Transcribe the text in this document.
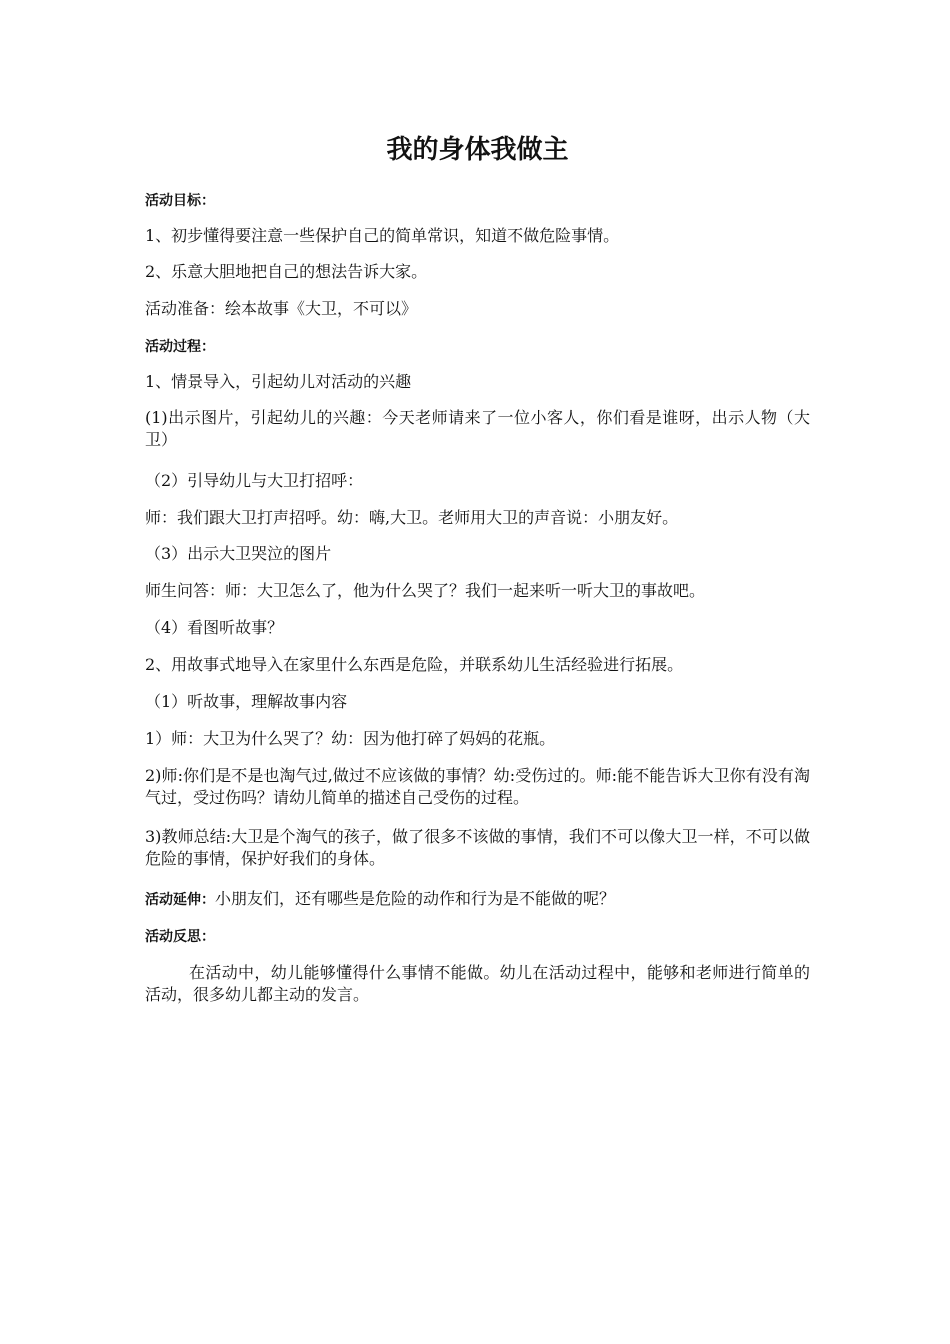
我的身体我做主

活动目标：

1、初步懂得要注意一些保护自己的简单常识，知道不做危险事情。

2、乐意大胆地把自己的想法告诉大家。

活动准备：绘本故事《大卫，不可以》

活动过程：

1、情景导入，引起幼儿对活动的兴趣

(1)出示图片，引起幼儿的兴趣：今天老师请来了一位小客人，你们看是谁呀，出示人物（大卫）

（2）引导幼儿与大卫打招呼：

师：我们跟大卫打声招呼。幼：嗨,大卫。老师用大卫的声音说：小朋友好。

（3）出示大卫哭泣的图片

师生问答：师：大卫怎么了，他为什么哭了？我们一起来听一听大卫的事故吧。

（4）看图听故事？

2、用故事式地导入在家里什么东西是危险，并联系幼儿生活经验进行拓展。

（1）听故事，理解故事内容

1）师：大卫为什么哭了？幼：因为他打碎了妈妈的花瓶。

2)师:你们是不是也淘气过,做过不应该做的事情？幼:受伤过的。师:能不能告诉大卫你有没有淘气过，受过伤吗？请幼儿简单的描述自己受伤的过程。

3)教师总结:大卫是个淘气的孩子，做了很多不该做的事情，我们不可以像大卫一样，不可以做危险的事情，保护好我们的身体。

活动延伸：小朋友们，还有哪些是危险的动作和行为是不能做的呢？

活动反思：

在活动中，幼儿能够懂得什么事情不能做。幼儿在活动过程中，能够和老师进行简单的活动，很多幼儿都主动的发言。
